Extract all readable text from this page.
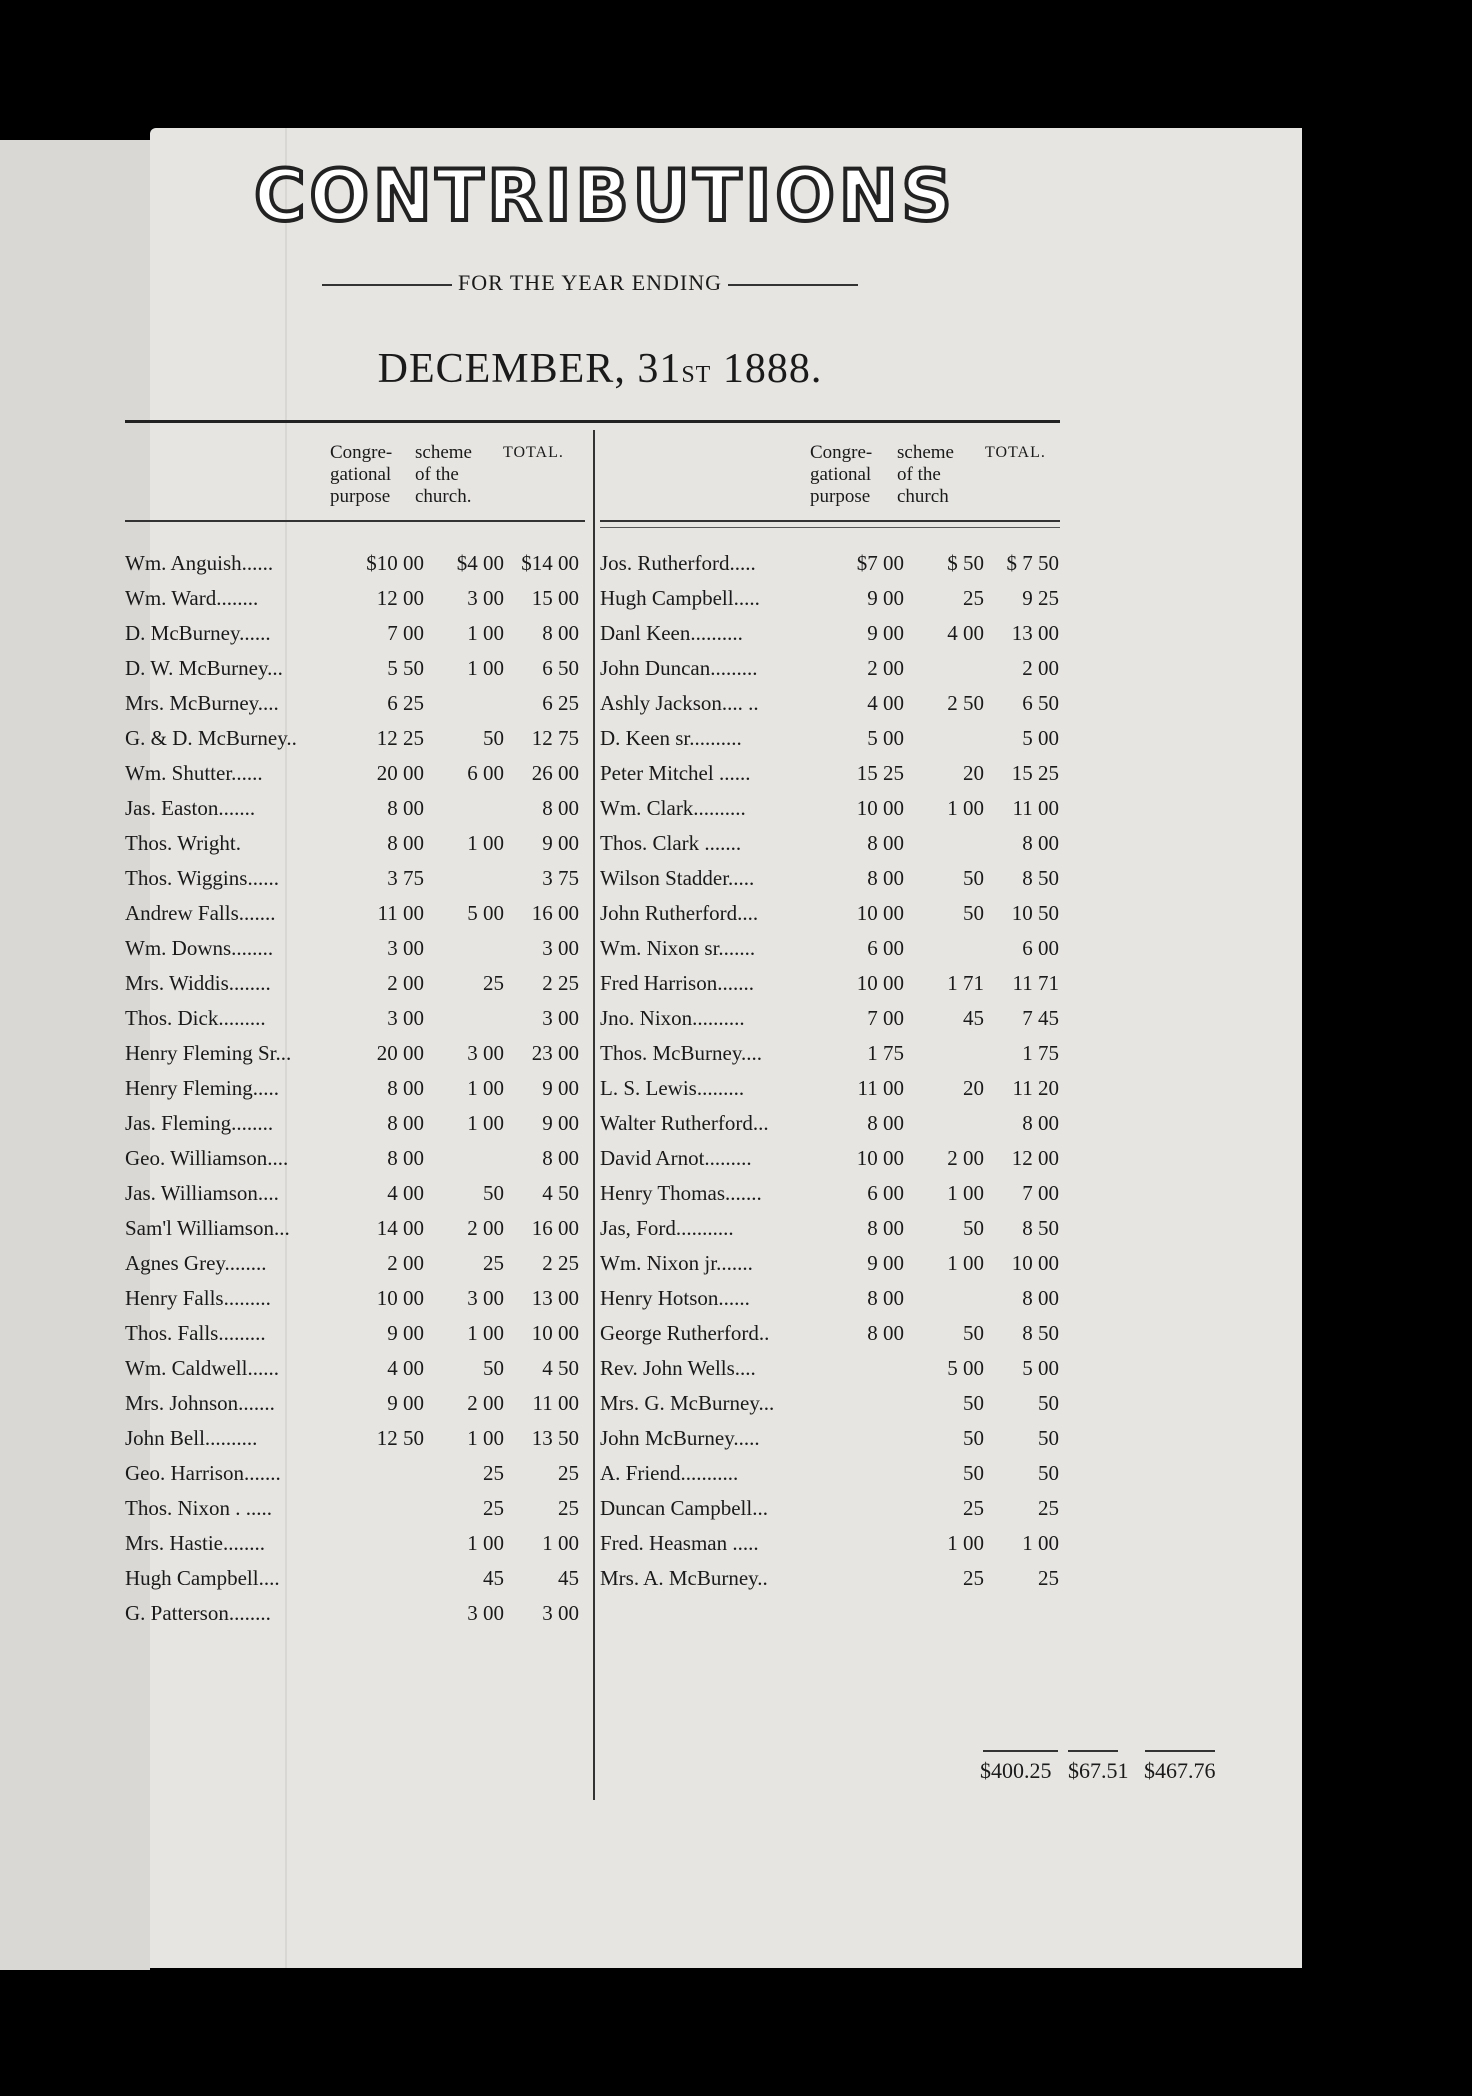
CONTRIBUTIONS
FOR THE YEAR ENDING
DECEMBER, 31ST 1888.
Congre-
gational
purpose
scheme
of the
church.
TOTAL.
Wm. Anguish......	$10 00	$4 00	$14 00
Wm. Ward........	12 00	3 00	15 00
D. McBurney......	7 00	1 00	8 00
D. W. McBurney...	5 50	1 00	6 50
Mrs. McBurney....	6 25		6 25
G. & D. McBurney..	12 25	50	12 75
Wm. Shutter......	20 00	6 00	26 00
Jas. Easton.......	8 00		8 00
Thos. Wright.	8 00	1 00	9 00
Thos. Wiggins......	3 75		3 75
Andrew Falls.......	11 00	5 00	16 00
Wm. Downs........	3 00		3 00
Mrs. Widdis........	2 00	25	2 25
Thos. Dick.........	3 00		3 00
Henry Fleming Sr...	20 00	3 00	23 00
Henry Fleming.....	8 00	1 00	9 00
Jas. Fleming........	8 00	1 00	9 00
Geo. Williamson....	8 00		8 00
Jas. Williamson....	4 00	50	4 50
Sam'l Williamson...	14 00	2 00	16 00
Agnes Grey........	2 00	25	2 25
Henry Falls.........	10 00	3 00	13 00
Thos. Falls.........	9 00	1 00	10 00
Wm. Caldwell......	4 00	50	4 50
Mrs. Johnson.......	9 00	2 00	11 00
John Bell..........	12 50	1 00	13 50
Geo. Harrison.......		25	25
Thos. Nixon . .....		25	25
Mrs. Hastie........		1 00	1 00
Hugh Campbell....		45	45
G. Patterson........		3 00	3 00
Congre-
gational
purpose
scheme
of the
church
TOTAL.
Jos. Rutherford.....	$7 00	$ 50	$ 7 50
Hugh Campbell.....	9 00	25	9 25
Danl Keen..........	9 00	4 00	13 00
John Duncan.........	2 00		2 00
Ashly Jackson.... ..	4 00	2 50	6 50
D. Keen sr..........	5 00		5 00
Peter Mitchel ......	15 25	20	15 25
Wm. Clark..........	10 00	1 00	11 00
Thos. Clark .......	8 00		8 00
Wilson Stadder.....	8 00	50	8 50
John Rutherford....	10 00	50	10 50
Wm. Nixon sr.......	6 00		6 00
Fred Harrison.......	10 00	1 71	11 71
Jno. Nixon..........	7 00	45	7 45
Thos. McBurney....	1 75		1 75
L. S. Lewis.........	11 00	20	11 20
Walter Rutherford...	8 00		8 00
David Arnot.........	10 00	2 00	12 00
Henry Thomas.......	6 00	1 00	7 00
Jas, Ford...........	8 00	50	8 50
Wm. Nixon jr.......	9 00	1 00	10 00
Henry Hotson......	8 00		8 00
George Rutherford..	8 00	50	8 50
Rev. John Wells....		5 00	5 00
Mrs. G. McBurney...		50	50
John McBurney.....		50	50
A. Friend...........		50	50
Duncan Campbell...		25	25
Fred. Heasman .....		1 00	1 00
Mrs. A. McBurney..		25	25
$400.25 $67.51 $467.76
